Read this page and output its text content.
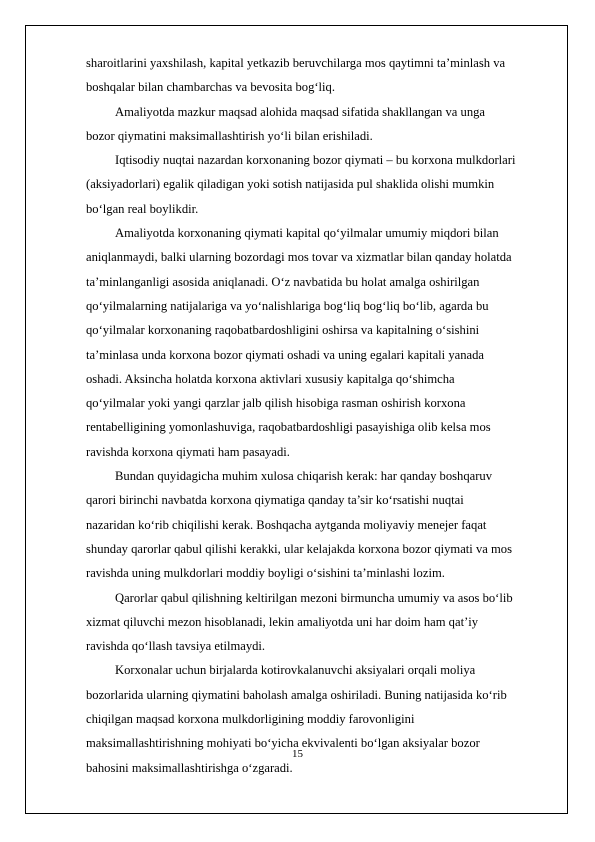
sharoitlarini yaxshilash, kapital yetkazib beruvchilarga mos qaytimni ta’minlash va
boshqalar bilan chambarchas va bevosita bog‘liq.
Amaliyotda mazkur maqsad alohida maqsad sifatida shakllangan va unga
bozor qiymatini maksimallashtirish yo‘li bilan erishiladi.
Iqtisodiy nuqtai nazardan korxonaning bozor qiymati – bu korxona mulkdorlari
(aksiyadorlari) egalik qiladigan yoki sotish natijasida pul shaklida olishi mumkin
bo‘lgan real boylikdir.
Amaliyotda korxonaning qiymati kapital qo‘yilmalar umumiy miqdori bilan
aniqlanmaydi, balki ularning bozordagi mos tovar va xizmatlar bilan qanday holatda
ta’minlanganligi asosida aniqlanadi. O‘z navbatida bu holat amalga oshirilgan
qo‘yilmalarning natijalariga va yo‘nalishlariga bog‘liq bog‘liq bo‘lib, agarda bu
qo‘yilmalar korxonaning raqobatbardoshligini oshirsa va kapitalning o‘sishini
ta’minlasa unda korxona bozor qiymati oshadi va uning egalari kapitali yanada
oshadi. Aksincha holatda korxona aktivlari xususiy kapitalga qo‘shimcha
qo‘yilmalar yoki yangi qarzlar jalb qilish hisobiga rasman oshirish korxona
rentabelligining yomonlashuviga, raqobatbardoshligi pasayishiga olib kelsa mos
ravishda korxona qiymati ham pasayadi.
Bundan quyidagicha muhim xulosa chiqarish kerak: har qanday boshqaruv
qarori birinchi navbatda korxona qiymatiga qanday ta’sir ko‘rsatishi nuqtai
nazaridan ko‘rib chiqilishi kerak. Boshqacha aytganda moliyaviy menejer faqat
shunday qarorlar qabul qilishi kerakki, ular kelajakda korxona bozor qiymati va mos
ravishda uning mulkdorlari moddiy boyligi o‘sishini ta’minlashi lozim.
Qarorlar qabul qilishning keltirilgan mezoni birmuncha umumiy va asos bo‘lib
xizmat qiluvchi mezon hisoblanadi, lekin amaliyotda uni har doim ham qat’iy
ravishda qo‘llash tavsiya etilmaydi.
Korxonalar uchun birjalarda kotirovkalanuvchi aksiyalari orqali moliya
bozorlarida ularning qiymatini baholash amalga oshiriladi. Buning natijasida ko‘rib
chiqilgan maqsad korxona mulkdorligining moddiy farovonligini
maksimallashtirishning mohiyati bo‘yicha ekvivalenti bo‘lgan aksiyalar bozor
bahosini maksimallashtirishga o‘zgaradi.
15
